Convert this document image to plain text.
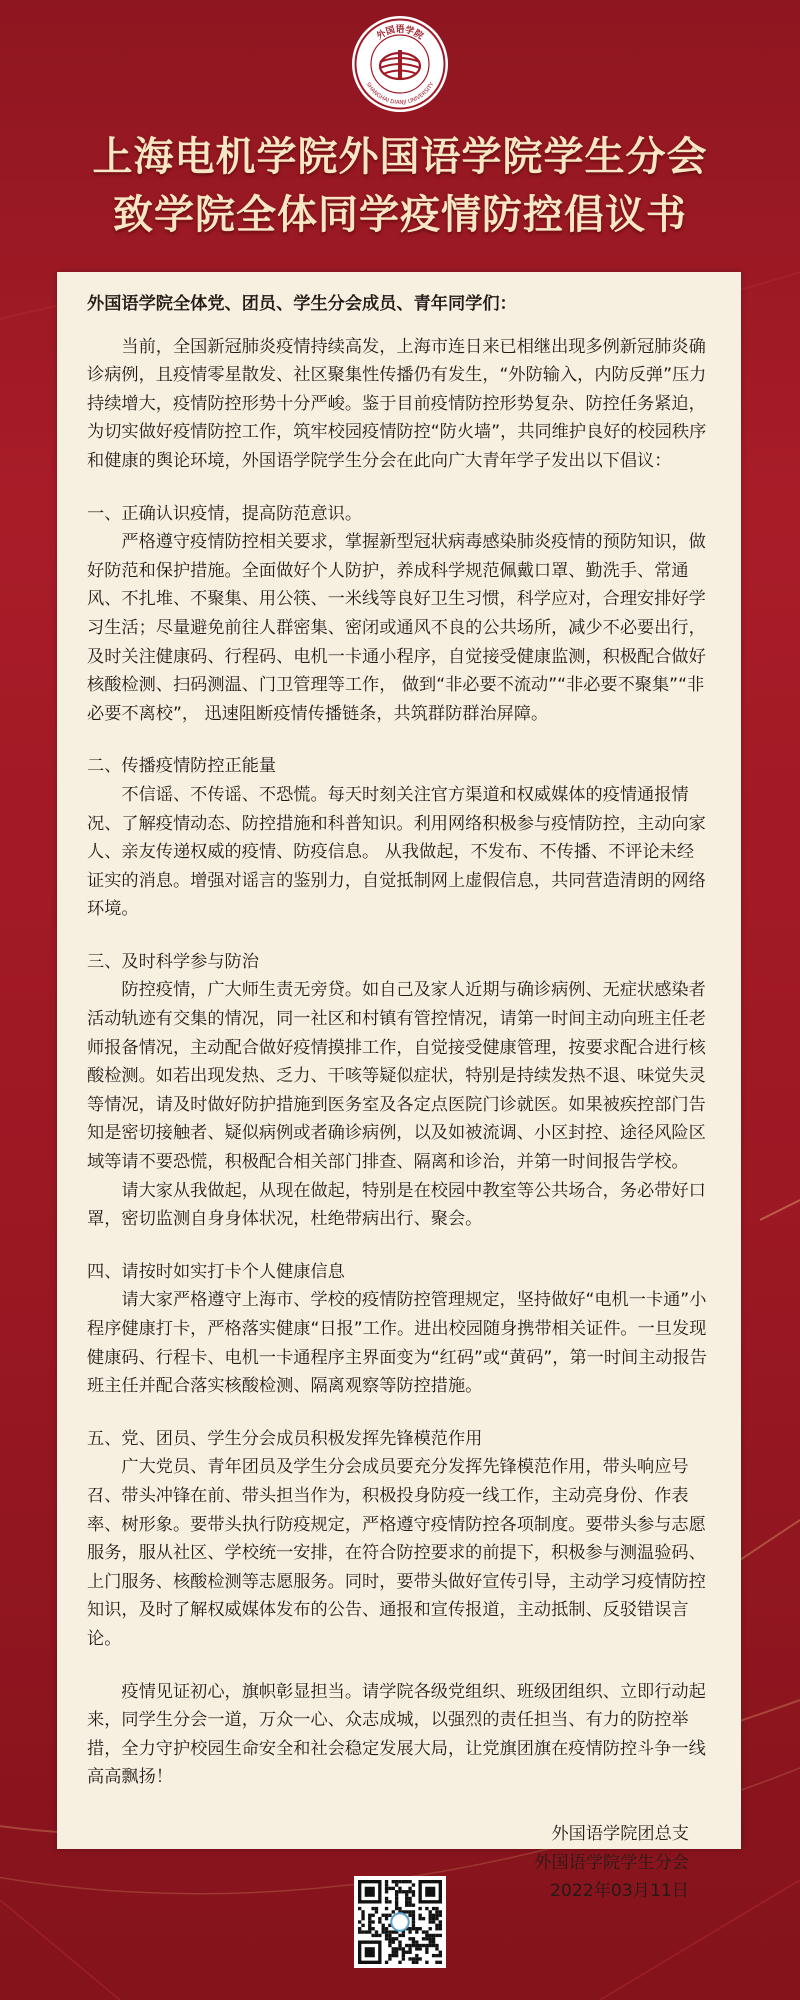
外国语学院
SHANGHAI DIANJI UNIVERSITY
上海电机学院外国语学院学生分会
致学院全体同学疫情防控倡议书

外国语学院全体党、团员、学生分会成员、青年同学们：

当前，全国新冠肺炎疫情持续高发，上海市连日来已相继出现多例新冠肺炎确诊病例，且疫情零星散发、社区聚集性传播仍有发生，“外防输入，内防反弹”压力持续增大，疫情防控形势十分严峻。鉴于目前疫情防控形势复杂、防控任务紧迫，为切实做好疫情防控工作，筑牢校园疫情防控“防火墙”，共同维护良好的校园秩序和健康的舆论环境，外国语学院学生分会在此向广大青年学子发出以下倡议：

一、正确认识疫情，提高防范意识。

严格遵守疫情防控相关要求，掌握新型冠状病毒感染肺炎疫情的预防知识，做好防范和保护措施。全面做好个人防护，养成科学规范佩戴口罩、勤洗手、常通风、不扎堆、不聚集、用公筷、一米线等良好卫生习惯，科学应对，合理安排好学习生活；尽量避免前往人群密集、密闭或通风不良的公共场所，减少不必要出行，及时关注健康码、行程码、电机一卡通小程序，自觉接受健康监测，积极配合做好核酸检测、扫码测温、门卫管理等工作， 做到“非必要不流动”“非必要不聚集”“非必要不离校”， 迅速阻断疫情传播链条，共筑群防群治屏障。

二、传播疫情防控正能量

不信谣、不传谣、不恐慌。每天时刻关注官方渠道和权威媒体的疫情通报情况、了解疫情动态、防控措施和科普知识。利用网络积极参与疫情防控，主动向家人、亲友传递权威的疫情、防疫信息。 从我做起，不发布、不传播、不评论未经证实的消息。增强对谣言的鉴别力，自觉抵制网上虚假信息，共同营造清朗的网络环境。

三、及时科学参与防治

防控疫情，广大师生责无旁贷。如自己及家人近期与确诊病例、无症状感染者活动轨迹有交集的情况，同一社区和村镇有管控情况，请第一时间主动向班主任老师报备情况，主动配合做好疫情摸排工作，自觉接受健康管理，按要求配合进行核酸检测。如若出现发热、乏力、干咳等疑似症状，特别是持续发热不退、味觉失灵等情况，请及时做好防护措施到医务室及各定点医院门诊就医。如果被疾控部门告知是密切接触者、疑似病例或者确诊病例，以及如被流调、小区封控、途径风险区域等请不要恐慌，积极配合相关部门排查、隔离和诊治，并第一时间报告学校。

请大家从我做起，从现在做起，特别是在校园中教室等公共场合，务必带好口罩，密切监测自身身体状况，杜绝带病出行、聚会。

四、请按时如实打卡个人健康信息

请大家严格遵守上海市、学校的疫情防控管理规定，坚持做好“电机一卡通”小程序健康打卡，严格落实健康“日报”工作。进出校园随身携带相关证件。一旦发现健康码、行程卡、电机一卡通程序主界面变为“红码”或“黄码”，第一时间主动报告班主任并配合落实核酸检测、隔离观察等防控措施。

五、党、团员、学生分会成员积极发挥先锋模范作用

广大党员、青年团员及学生分会成员要充分发挥先锋模范作用，带头响应号召、带头冲锋在前、带头担当作为，积极投身防疫一线工作，主动亮身份、作表率、树形象。要带头执行防疫规定，严格遵守疫情防控各项制度。要带头参与志愿服务，服从社区、学校统一安排，在符合防控要求的前提下，积极参与测温验码、上门服务、核酸检测等志愿服务。同时，要带头做好宣传引导，主动学习疫情防控知识，及时了解权威媒体发布的公告、通报和宣传报道，主动抵制、反驳错误言论。

疫情见证初心，旗帜彰显担当。请学院各级党组织、班级团组织、立即行动起来，同学生分会一道，万众一心、众志成城，以强烈的责任担当、有力的防控举措，全力守护校园生命安全和社会稳定发展大局，让党旗团旗在疫情防控斗争一线高高飘扬！

外国语学院团总支
外国语学院学生分会
2022年03月11日
